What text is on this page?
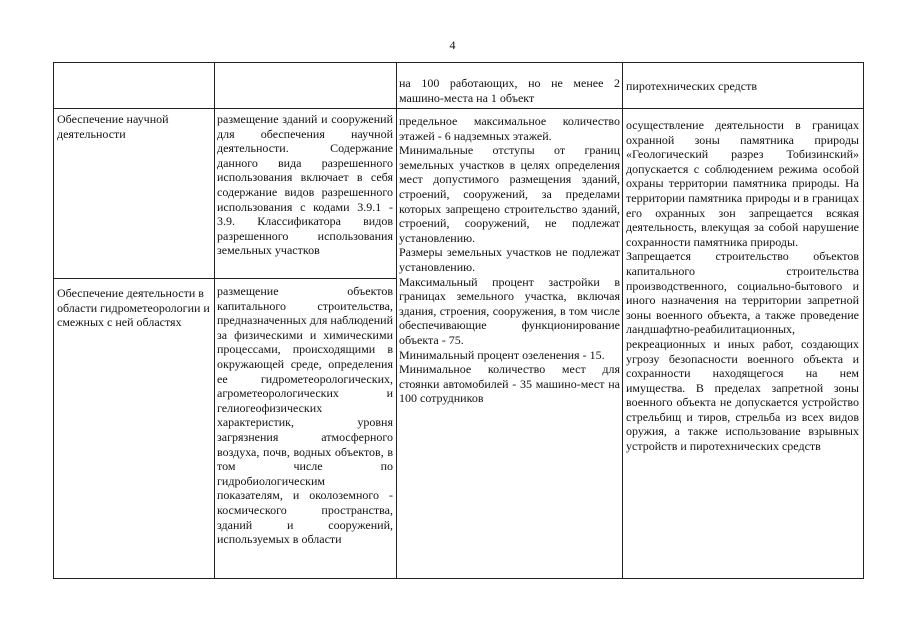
4
на 100 работающих, но не менее 2 машино-места на 1 объект
пиротехнических средств
Обеспечение научной деятельности
размещение зданий и сооружений для обеспечения научной деятельности. Содержание данного вида разрешенного использования включает в себя содержание видов разрешенного использования с кодами 3.9.1 - 3.9. Классификатора видов разрешенного использования земельных участков
Обеспечение деятельности в области гидрометеорологии и смежных с ней областях
размещение объектов капитального строительства, предназначенных для наблюдений за физическими и химическими процессами, происходящими в окружающей среде, определения ее гидрометеорологических, агрометеорологических и гелиогеофизических характеристик, уровня загрязнения атмосферного воздуха, почв, водных объектов, в том числе по гидробиологическим показателям, и околоземного - космического пространства, зданий и сооружений, используемых в области

предельное максимальное количество этажей - 6 надземных этажей.

Минимальные отступы от границ земельных участков в целях определения мест допустимого размещения зданий, строений, сооружений, за пределами которых запрещено строительство зданий, строений, сооружений, не подлежат установлению.

Размеры земельных участков не подлежат установлению.

Максимальный процент застройки в границах земельного участка, включая здания, строения, сооружения, в том числе обеспечивающие функционирование объекта - 75.

Минимальный процент озеленения - 15.

Минимальное количество мест для стоянки автомобилей - 35 машино-мест на 100 сотрудников

осуществление деятельности в границах охранной зоны памятника природы «Геологический разрез Тобизинский» допускается с соблюдением режима особой охраны территории памятника природы. На территории памятника природы и в границах его охранных зон запрещается всякая деятельность, влекущая за собой нарушение сохранности памятника природы.

Запрещается строительство объектов капитального строительства производственного, социально-бытового и иного назначения на территории запретной зоны военного объекта, а также проведение ландшафтно-реабилитационных, рекреационных и иных работ, создающих угрозу безопасности военного объекта и сохранности находящегося на нем имущества. В пределах запретной зоны военного объекта не допускается устройство стрельбищ и тиров, стрельба из всех видов оружия, а также использование взрывных устройств и пиротехнических средств
